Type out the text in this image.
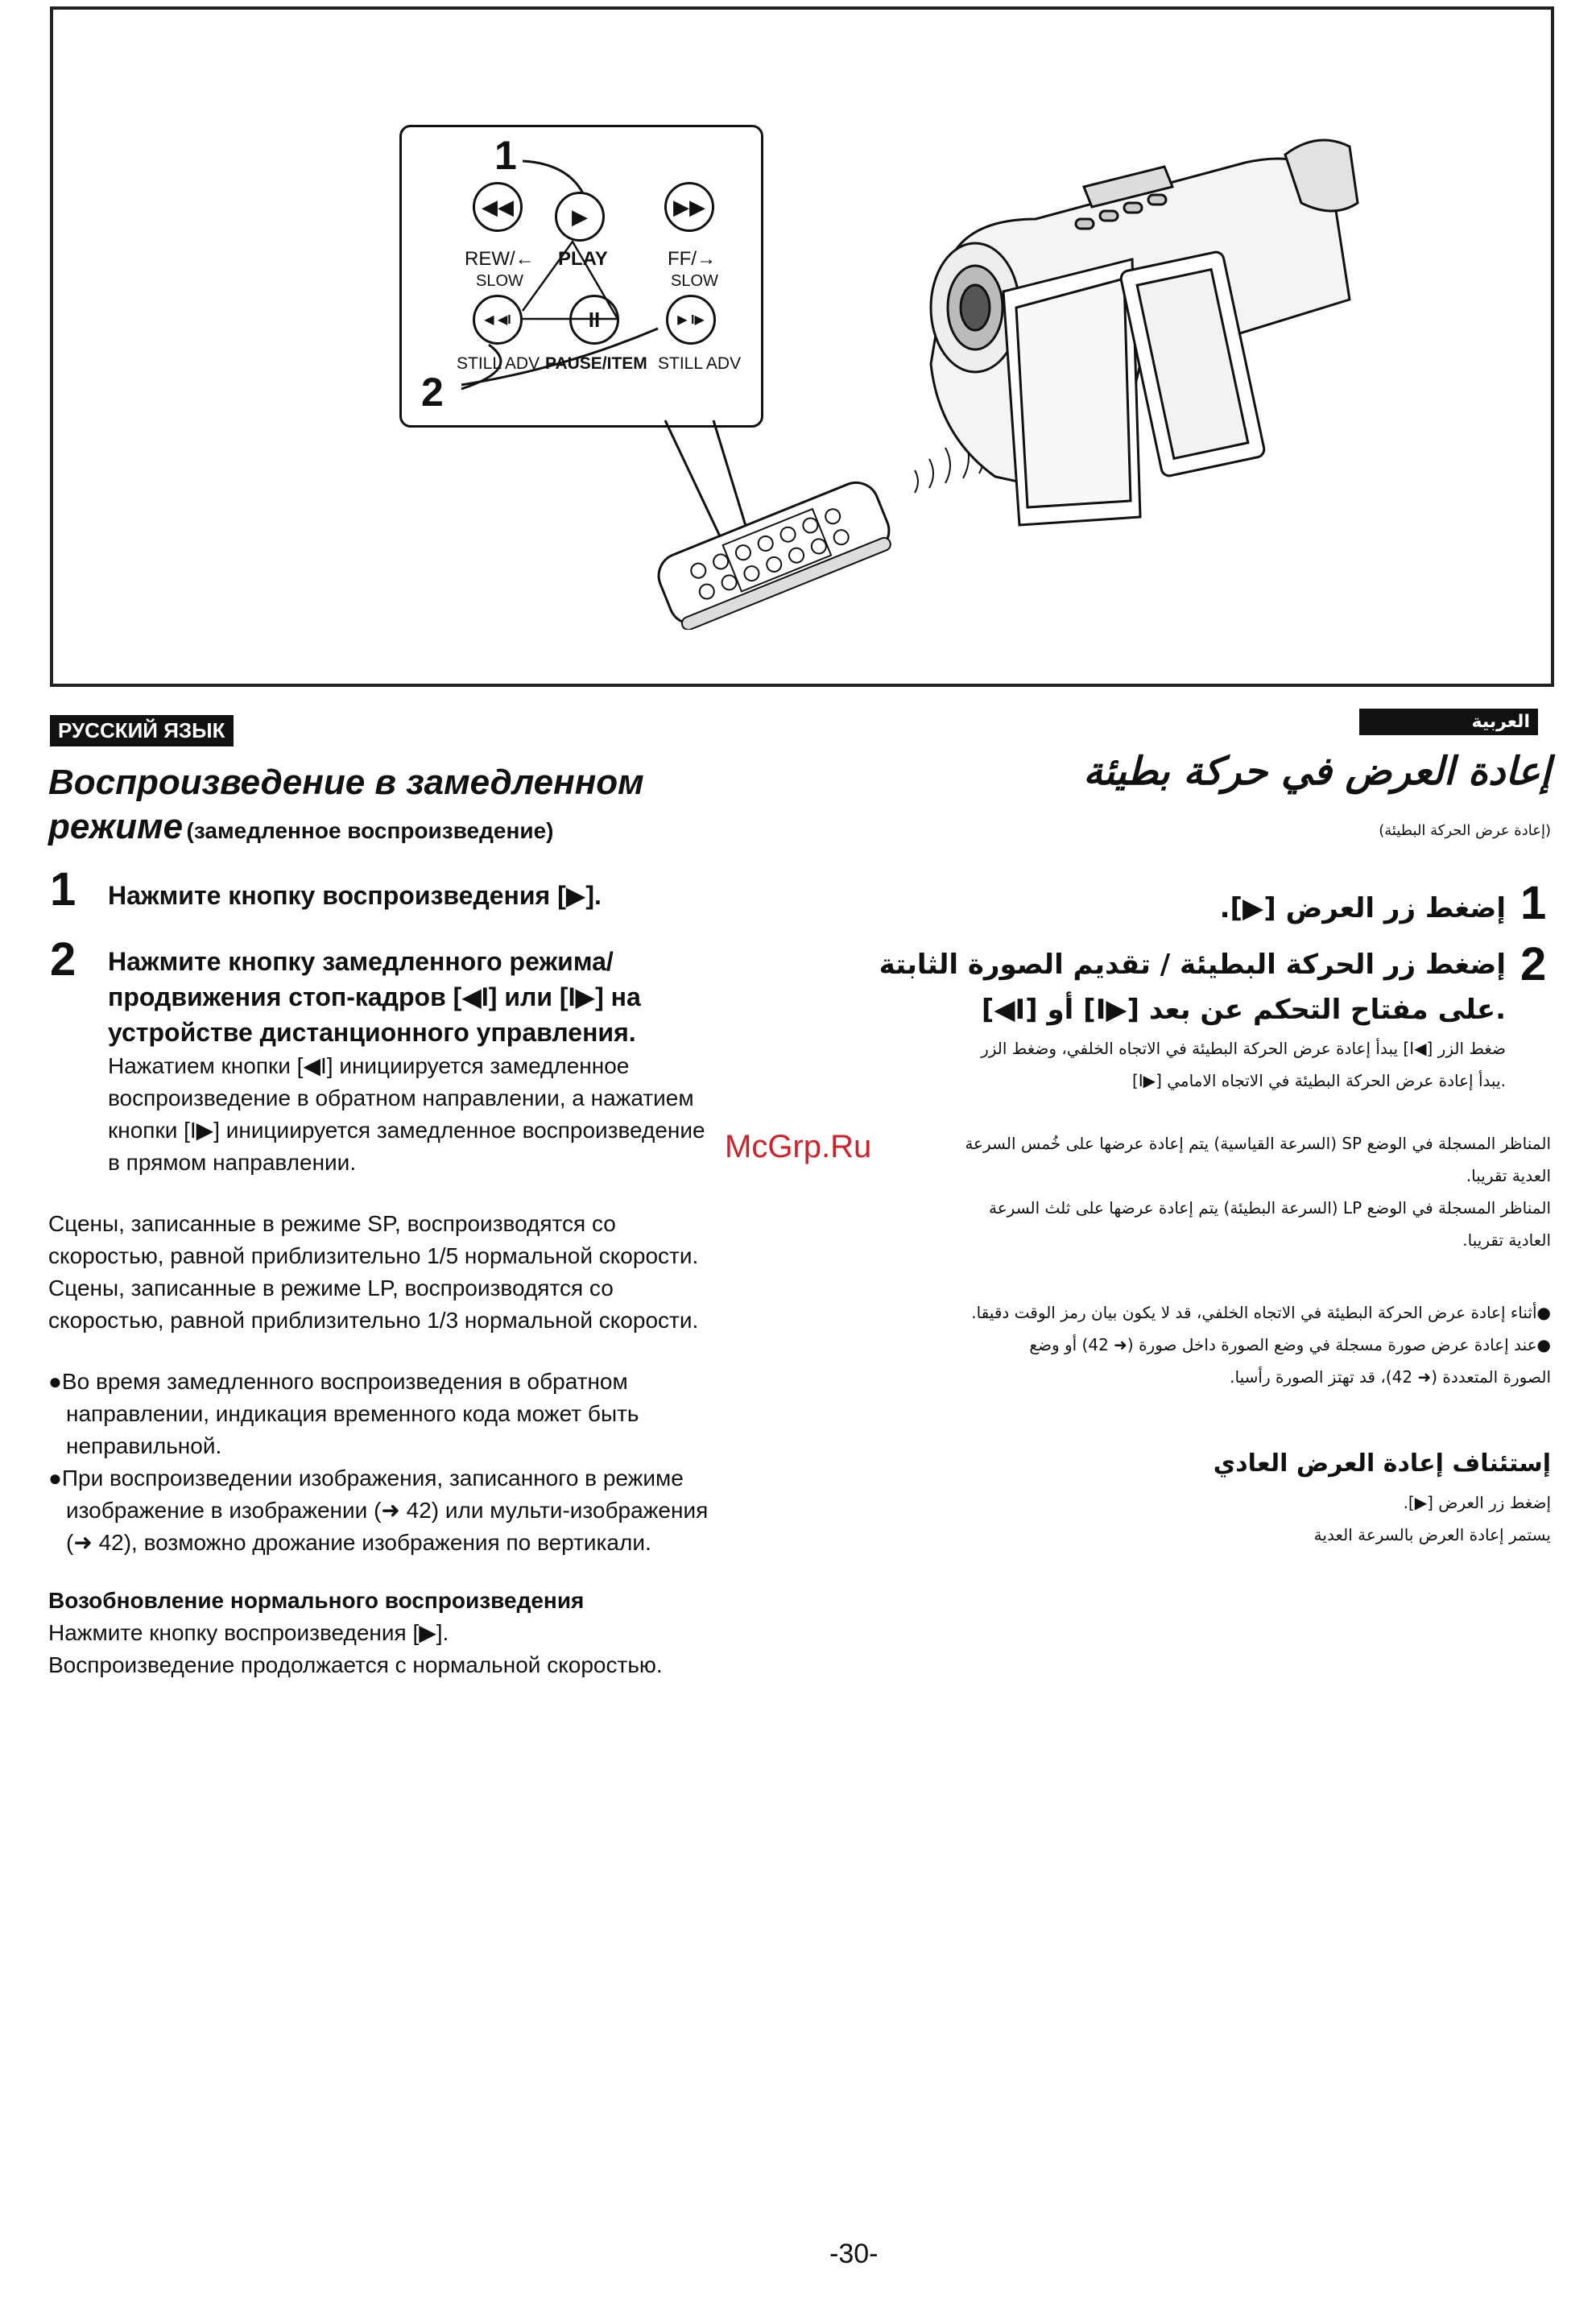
1
2
◀◀	▶	▶▶
◀ ◀I	II	▶ I▶
REW/← PLAY	FF/→
SLOW	SLOW
STILL ADV PAUSE/ITEM STILL ADV
РУССКИЙ ЯЗЫК
Воспроизведение в замедленном
режиме (замедленное воспроизведение)
1 Нажмите кнопку воспроизведения [▶].
2 Нажмите кнопку замедленного режима/
продвижения стоп-кадров [◀I] или [I▶] на
устройстве дистанционного управления.
Нажатием кнопки [◀I] инициируется замедленное
воспроизведение в обратном направлении, а нажатием
кнопки [I▶] инициируется замедленное воспроизведение
в прямом направлении.
Сцены, записанные в режиме SP, воспроизводятся со
скоростью, равной приблизительно 1/5 нормальной скорости.
Сцены, записанные в режиме LP, воспроизводятся со
скоростью, равной приблизительно 1/3 нормальной скорости.
●Во время замедленного воспроизведения в обратном
направлении, индикация временного кода может быть
неправильной.
●При воспроизведении изображения, записанного в режиме
изображение в изображении (➜ 42) или мульти-изображения
(➜ 42), возможно дрожание изображения по вертикали.
Возобновление нормального воспроизведения
Нажмите кнопку воспроизведения [▶].
Воспроизведение продолжается с нормальной скоростью.
العربية
إعادة العرض في حركة بطيئة
(إعادة عرض الحركة البطيئة)
1
إضغط زر العرض [▶].
2
إضغط زر الحركة البطيئة / تقديم الصورة الثابتة
[◀I] أو [I▶] على مفتاح التحكم عن بعد.
ضغط الزر [◀I] يبدأ إعادة عرض الحركة البطيئة في الاتجاه الخلفي، وضغط الزر
[I▶] يبدأ إعادة عرض الحركة البطيئة في الاتجاه الامامي.
المناظر المسجلة في الوضع SP (السرعة القياسية) يتم إعادة عرضها على خُمس السرعة
العدية تقريبا.
المناظر المسجلة في الوضع LP (السرعة البطيئة) يتم إعادة عرضها على ثلث السرعة
العادية تقريبا.
●أثناء إعادة عرض الحركة البطيئة في الاتجاه الخلفي، قد لا يكون بيان رمز الوقت دقيقا.
●عند إعادة عرض صورة مسجلة في وضع الصورة داخل صورة (➜ 42) أو وضع
الصورة المتعددة (➜ 42)، قد تهتز الصورة رأسيا.
إستئناف إعادة العرض العادي
إضغط زر العرض [▶].
يستمر إعادة العرض بالسرعة العدية
McGrp.Ru
-30-
